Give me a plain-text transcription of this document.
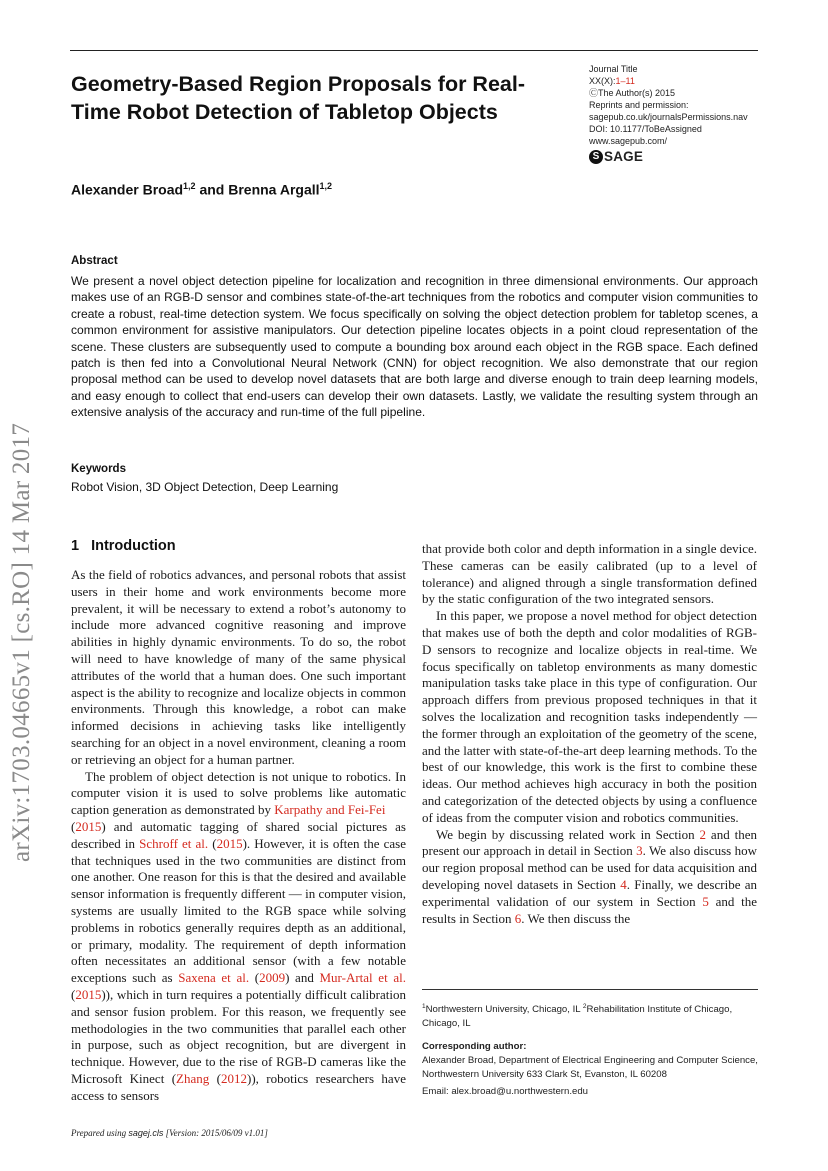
Geometry-Based Region Proposals for Real-Time Robot Detection of Tabletop Objects
Journal Title
XX(X):1–11
ⒸThe Author(s) 2015
Reprints and permission:
sagepub.co.uk/journalsPermissions.nav
DOI: 10.1177/ToBeAssigned
www.sagepub.com/
S SAGE
Alexander Broad$^{1,2}$ and Brenna Argall$^{1,2}$
Abstract

We present a novel object detection pipeline for localization and recognition in three dimensional environments. Our approach makes use of an RGB-D sensor and combines state-of-the-art techniques from the robotics and computer vision communities to create a robust, real-time detection system. We focus specifically on solving the object detection problem for tabletop scenes, a common environment for assistive manipulators. Our detection pipeline locates objects in a point cloud representation of the scene. These clusters are subsequently used to compute a bounding box around each object in the RGB space. Each defined patch is then fed into a Convolutional Neural Network (CNN) for object recognition. We also demonstrate that our region proposal method can be used to develop novel datasets that are both large and diverse enough to train deep learning models, and easy enough to collect that end-users can develop their own datasets. Lastly, we validate the resulting system through an extensive analysis of the accuracy and run-time of the full pipeline.

Keywords
Robot Vision, 3D Object Detection, Deep Learning
arXiv:1703.04665v1 [cs.RO] 14 Mar 2017 1 Introduction

As the field of robotics advances, and personal robots that assist users in their home and work environments become more prevalent, it will be necessary to extend a robot’s autonomy to include more advanced cognitive reasoning and improve abilities in highly dynamic environments. To do so, the robot will need to have knowledge of many of the same physical attributes of the world that a human does. One such important aspect is the ability to recognize and localize objects in common environments. Through this knowledge, a robot can make informed decisions in achieving tasks like intelligently searching for an object in a novel environment, cleaning a room or retrieving an object for a human partner.

The problem of object detection is not unique to robotics. In computer vision it is used to solve problems like automatic caption generation as demonstrated by Karpathy and Fei-Fei
(2015) and automatic tagging of shared social pictures as described in Schroff et al. (2015). However, it is often the case that techniques used in the two communities are distinct from one another. One reason for this is that the desired and available sensor information is frequently different — in computer vision, systems are usually limited to the RGB space while solving problems in robotics generally requires depth as an additional, or primary, modality. The requirement of depth information often necessitates an additional sensor (with a few notable exceptions such as Saxena et al. (2009) and Mur-Artal et al. (2015)), which in turn requires a potentially difficult calibration and sensor fusion problem. For this reason, we frequently see methodologies in the two communities that parallel each other in purpose, such as object recognition, but are divergent in technique. However, due to the rise of RGB-D cameras like the Microsoft Kinect (Zhang (2012)), robotics researchers have access to sensors

that provide both color and depth information in a single device. These cameras can be easily calibrated (up to a level of tolerance) and aligned through a single transformation defined by the static configuration of the two integrated sensors.

In this paper, we propose a novel method for object detection that makes use of both the depth and color modalities of RGB-D sensors to recognize and localize objects in real-time. We focus specifically on tabletop environments as many domestic manipulation tasks take place in this type of configuration. Our approach differs from previous proposed techniques in that it solves the localization and recognition tasks independently — the former through an exploitation of the geometry of the scene, and the latter with state-of-the-art deep learning methods. To the best of our knowledge, this work is the first to combine these ideas. Our method achieves high accuracy in both the position and categorization of the detected objects by using a confluence of ideas from the computer vision and robotics communities.

We begin by discussing related work in Section 2 and then present our approach in detail in Section 3. We also discuss how our region proposal method can be used for data acquisition and developing novel datasets in Section 4. Finally, we describe an experimental validation of our system in Section 5 and the results in Section 6. We then discuss the

$^1$Northwestern University, Chicago, IL $^2$Rehabilitation Institute of Chicago, Chicago, IL
Corresponding author:
Alexander Broad, Department of Electrical Engineering and Computer Science, Northwestern University 633 Clark St, Evanston, IL 60208
Email: alex.broad@u.northwestern.edu
Prepared using sagej.cls [Version: 2015/06/09 v1.01]
